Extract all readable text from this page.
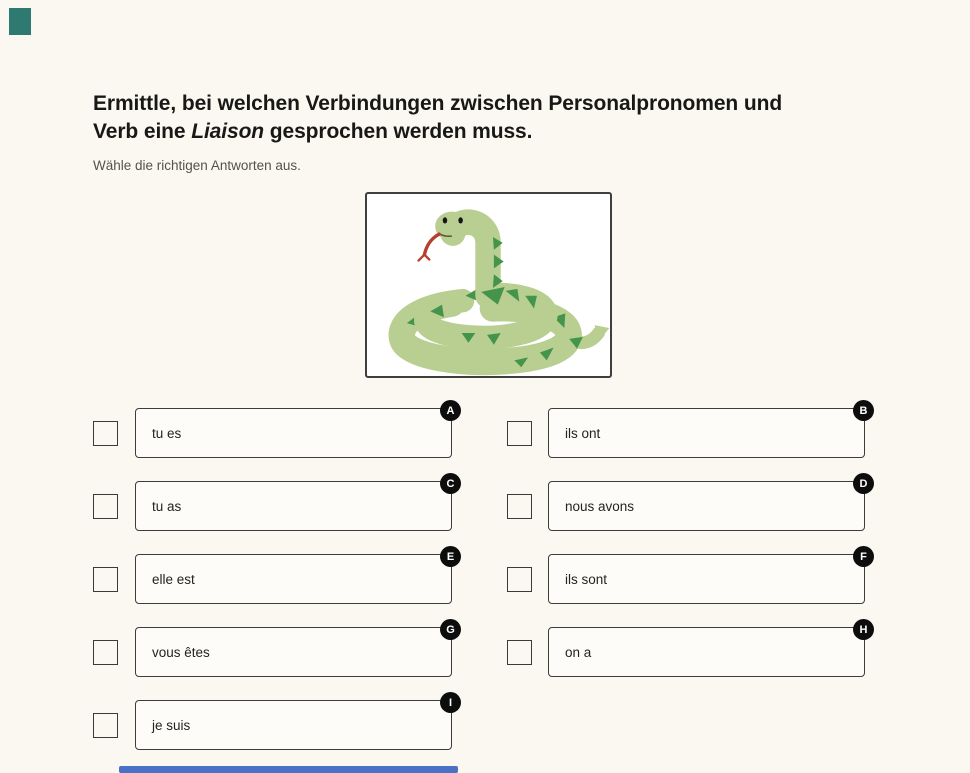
Ermittle, bei welchen Verbindungen zwischen Personalpronomen und
Verb eine Liaison gesprochen werden muss.
Wähle die richtigen Antworten aus.
tu es
A
tu as
C
elle est
E
vous êtes
G
je suis
I
ils ont
B
nous avons
D
ils sont
F
on a
H
